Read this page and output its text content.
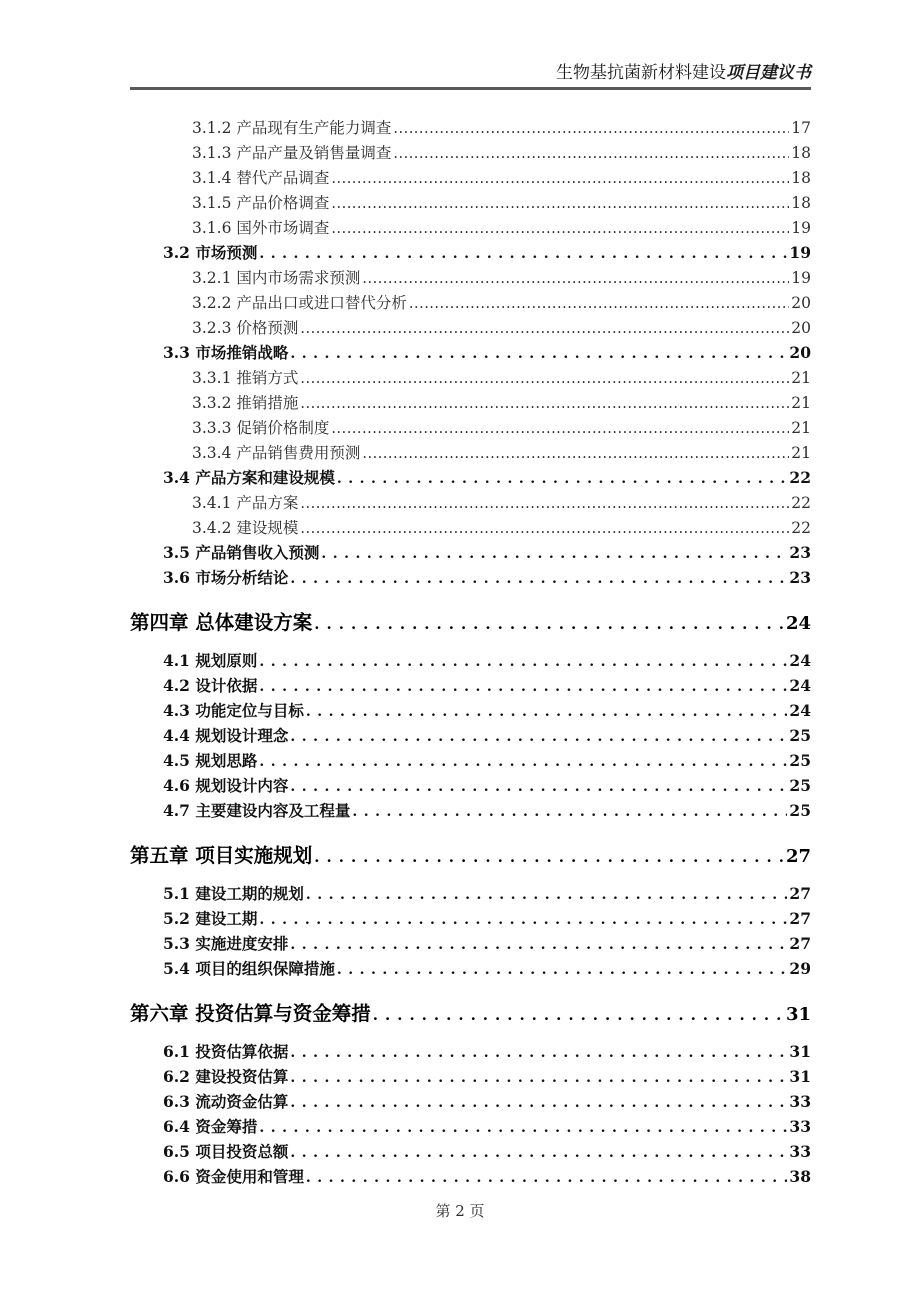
生物基抗菌新材料建设项目建议书
3.1.2 产品现有生产能力调查 .....	17
3.1.3 产品产量及销售量调查 .....	18
3.1.4 替代产品调查 .....	18
3.1.5 产品价格调查 .....	18
3.1.6 国外市场调查 .....	19
3.2 市场预测 .....	19
3.2.1 国内市场需求预测 .....	19
3.2.2 产品出口或进口替代分析 .....	20
3.2.3 价格预测 .....	20
3.3 市场推销战略 .....	20
3.3.1 推销方式 .....	21
3.3.2 推销措施 .....	21
3.3.3 促销价格制度 .....	21
3.3.4 产品销售费用预测 .....	21
3.4 产品方案和建设规模 .....	22
3.4.1 产品方案 .....	22
3.4.2 建设规模 .....	22
3.5 产品销售收入预测 .....	23
3.6 市场分析结论 .....	23
第四章 总体建设方案 .....	24
4.1 规划原则 .....	24
4.2 设计依据 .....	24
4.3 功能定位与目标 .....	24
4.4 规划设计理念 .....	25
4.5 规划思路 .....	25
4.6 规划设计内容 .....	25
4.7 主要建设内容及工程量 .....	25
第五章 项目实施规划 .....	27
5.1 建设工期的规划 .....	27
5.2 建设工期 .....	27
5.3 实施进度安排 .....	27
5.4 项目的组织保障措施 .....	29
第六章 投资估算与资金筹措 .....	31
6.1 投资估算依据 .....	31
6.2 建设投资估算 .....	31
6.3 流动资金估算 .....	33
6.4 资金筹措 .....	33
6.5 项目投资总额 .....	33
6.6 资金使用和管理 .....	38
第 2 页
